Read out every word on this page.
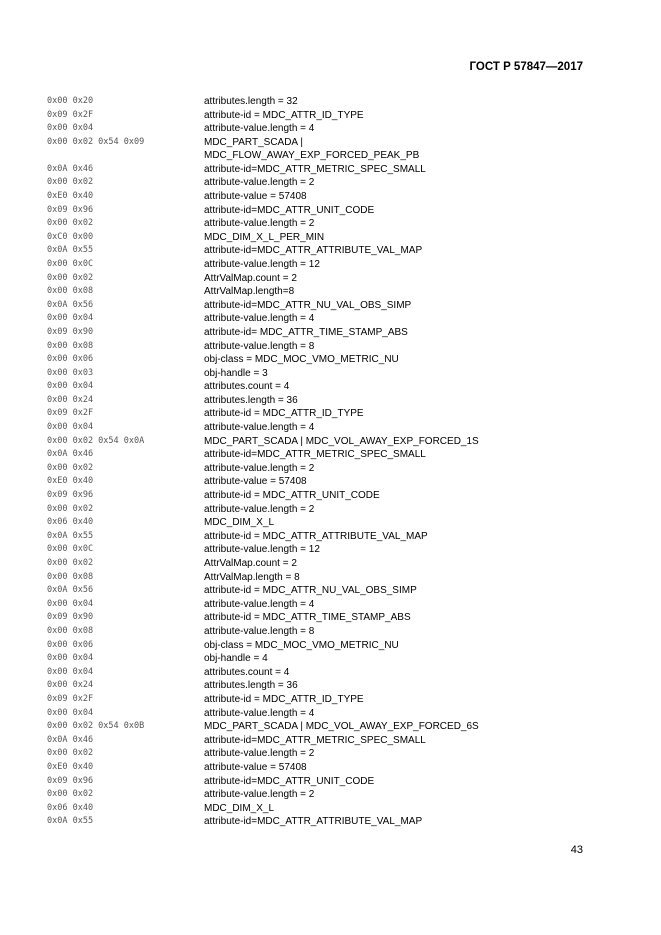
ГОСТ Р 57847—2017
0x00 0x20	attributes.length = 32
0x09 0x2F	attribute-id = MDC_ATTR_ID_TYPE
0x00 0x04	attribute-value.length = 4
0x00 0x02 0x54 0x09	MDC_PART_SCADA |
MDC_FLOW_AWAY_EXP_FORCED_PEAK_PB
0x0A 0x46	attribute-id=MDC_ATTR_METRIC_SPEC_SMALL
0x00 0x02	attribute-value.length = 2
0xE0 0x40	attribute-value = 57408
0x09 0x96	attribute-id=MDC_ATTR_UNIT_CODE
0x00 0x02	attribute-value.length = 2
0xC0 0x00	MDC_DIM_X_L_PER_MIN
0x0A 0x55	attribute-id=MDC_ATTR_ATTRIBUTE_VAL_MAP
0x00 0x0C	attribute-value.length = 12
0x00 0x02	AttrValMap.count = 2
0x00 0x08	AttrValMap.length=8
0x0A 0x56	attribute-id=MDC_ATTR_NU_VAL_OBS_SIMP
0x00 0x04	attribute-value.length = 4
0x09 0x90	attribute-id= MDC_ATTR_TIME_STAMP_ABS
0x00 0x08	attribute-value.length = 8
0x00 0x06	obj-class = MDC_MOC_VMO_METRIC_NU
0x00 0x03	obj-handle = 3
0x00 0x04	attributes.count = 4
0x00 0x24	attributes.length = 36
0x09 0x2F	attribute-id = MDC_ATTR_ID_TYPE
0x00 0x04	attribute-value.length = 4
0x00 0x02 0x54 0x0A	MDC_PART_SCADA | MDC_VOL_AWAY_EXP_FORCED_1S
0x0A 0x46	attribute-id=MDC_ATTR_METRIC_SPEC_SMALL
0x00 0x02	attribute-value.length = 2
0xE0 0x40	attribute-value = 57408
0x09 0x96	attribute-id = MDC_ATTR_UNIT_CODE
0x00 0x02	attribute-value.length = 2
0x06 0x40	MDC_DIM_X_L
0x0A 0x55	attribute-id = MDC_ATTR_ATTRIBUTE_VAL_MAP
0x00 0x0C	attribute-value.length = 12
0x00 0x02	AttrValMap.count = 2
0x00 0x08	AttrValMap.length = 8
0x0A 0x56	attribute-id = MDC_ATTR_NU_VAL_OBS_SIMP
0x00 0x04	attribute-value.length = 4
0x09 0x90	attribute-id = MDC_ATTR_TIME_STAMP_ABS
0x00 0x08	attribute-value.length = 8
0x00 0x06	obj-class = MDC_MOC_VMO_METRIC_NU
0x00 0x04	obj-handle = 4
0x00 0x04	attributes.count = 4
0x00 0x24	attributes.length = 36
0x09 0x2F	attribute-id = MDC_ATTR_ID_TYPE
0x00 0x04	attribute-value.length = 4
0x00 0x02 0x54 0x0B	MDC_PART_SCADA | MDC_VOL_AWAY_EXP_FORCED_6S
0x0A 0x46	attribute-id=MDC_ATTR_METRIC_SPEC_SMALL
0x00 0x02	attribute-value.length = 2
0xE0 0x40	attribute-value = 57408
0x09 0x96	attribute-id=MDC_ATTR_UNIT_CODE
0x00 0x02	attribute-value.length = 2
0x06 0x40	MDC_DIM_X_L
0x0A 0x55	attribute-id=MDC_ATTR_ATTRIBUTE_VAL_MAP
43
